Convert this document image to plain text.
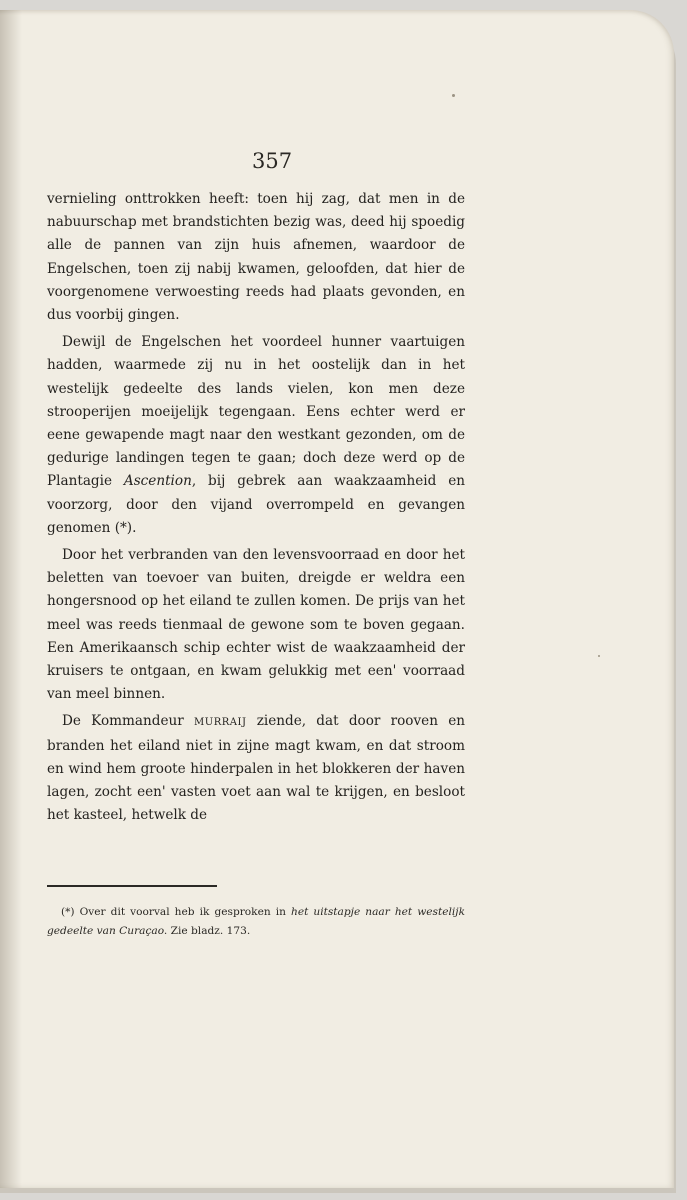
357

vernieling onttrokken heeft: toen hij zag, dat men in de nabuurschap met brandstichten bezig was, deed hij spoedig alle de pannen van zijn huis afnemen, waardoor de Engelschen, toen zij nabij kwamen, geloofden, dat hier de voorgenomene verwoesting reeds had plaats gevonden, en dus voorbij gingen.

Dewijl de Engelschen het voordeel hunner vaartuigen hadden, waarmede zij nu in het oostelijk dan in het westelijk gedeelte des lands vielen, kon men deze strooperijen moeijelijk tegengaan. Eens echter werd er eene gewapende magt naar den westkant gezonden, om de gedurige landingen tegen te gaan; doch deze werd op de Plantagie Ascention, bij gebrek aan waakzaamheid en voorzorg, door den vijand overrompeld en gevangen genomen (*).

Door het verbranden van den levensvoorraad en door het beletten van toevoer van buiten, dreigde er weldra een hongersnood op het eiland te zullen komen. De prijs van het meel was reeds tienmaal de gewone som te boven gegaan. Een Amerikaansch schip echter wist de waakzaamheid der kruisers te ontgaan, en kwam gelukkig met een' voorraad van meel binnen.

De Kommandeur MURRAIJ ziende, dat door rooven en branden het eiland niet in zijne magt kwam, en dat stroom en wind hem groote hinderpalen in het blokkeren der haven lagen, zocht een' vasten voet aan wal te krijgen, en besloot het kasteel, hetwelk de

(*) Over dit voorval heb ik gesproken in het uitstapje naar het westelijk gedeelte van Curaçao. Zie bladz. 173.
